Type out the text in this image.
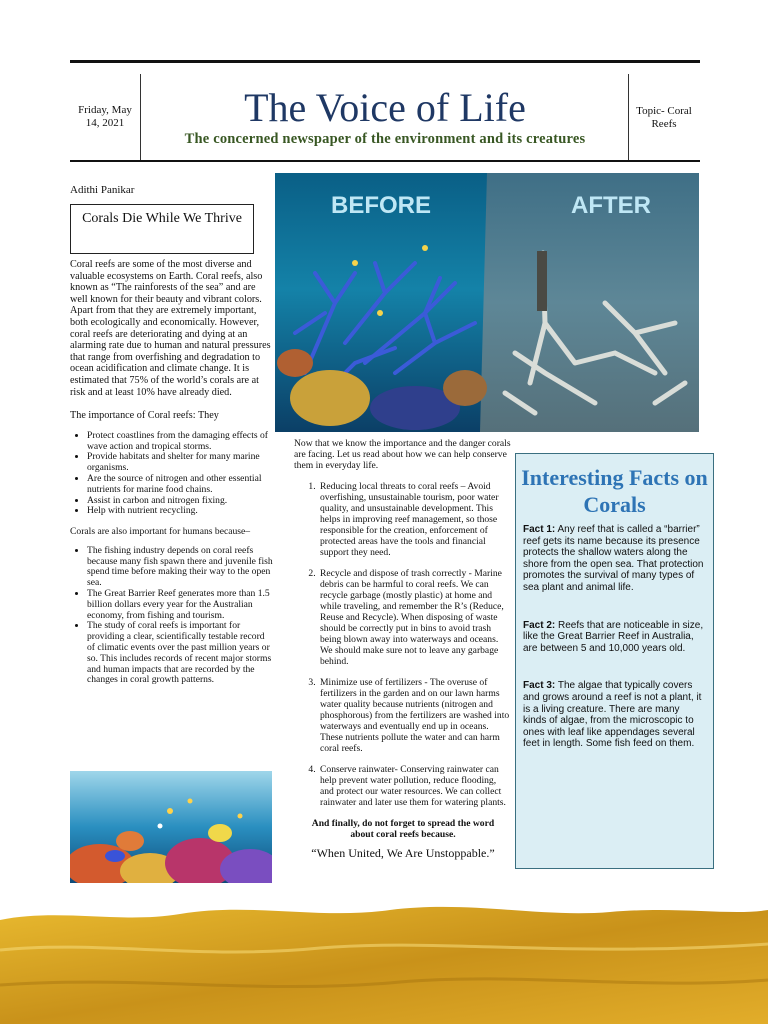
Friday, May 14, 2021	The Voice of Life
The concerned newspaper of the environment and its creatures
Topic- Coral Reefs
Adithi Panikar
Corals Die While We Thrive
Coral reefs are some of the most diverse and valuable ecosystems on Earth. Coral reefs, also known as “The rainforests of the sea” and are well known for their beauty and vibrant colors. Apart from that they are extremely important, both ecologically and economically. However, coral reefs are deteriorating and dying at an alarming rate due to human and natural pressures that range from overfishing and degradation to ocean acidification and climate change. It is estimated that 75% of the world’s corals are at risk and at least 10% have already died.
The importance of Coral reefs: They
• Protect coastlines from the damaging effects of wave action and tropical storms.
• Provide habitats and shelter for many marine organisms.
• Are the source of nitrogen and other essential nutrients for marine food chains.
• Assist in carbon and nitrogen fixing.
• Help with nutrient recycling.
Corals are also important for humans because–
• The fishing industry depends on coral reefs because many fish spawn there and juvenile fish spend time before making their way to the open sea.
• The Great Barrier Reef generates more than 1.5 billion dollars every year for the Australian economy, from fishing and tourism.
• The study of coral reefs is important for providing a clear, scientifically testable record of climatic events over the past million years or so. This includes records of recent major storms and human impacts that are recorded by the changes in coral growth patterns.
BEFORE	AFTER
Now that we know the importance and the danger corals are facing. Let us read about how we can help conserve them in everyday life.
1. Reducing local threats to coral reefs – Avoid overfishing, unsustainable tourism, poor water quality, and unsustainable development. This helps in improving reef management, so those responsible for the creation, enforcement of protected areas have the tools and financial support they need.
2. Recycle and dispose of trash correctly - Marine debris can be harmful to coral reefs. We can recycle garbage (mostly plastic) at home and while traveling, and remember the R’s (Reduce, Reuse and Recycle). When disposing of waste should be correctly put in bins to avoid trash being blown away into waterways and oceans. We should make sure not to leave any garbage behind.
3. Minimize use of fertilizers - The overuse of fertilizers in the garden and on our lawn harms water quality because nutrients (nitrogen and phosphorous) from the fertilizers are washed into waterways and eventually end up in oceans. These nutrients pollute the water and can harm coral reefs.
4. Conserve rainwater- Conserving rainwater can help prevent water pollution, reduce flooding, and protect our water resources. We can collect rainwater and later use them for watering plants.
And finally, do not forget to spread the word about coral reefs because.
“When United, We Are Unstoppable.”
Interesting Facts on Corals
Fact 1: Any reef that is called a “barrier” reef gets its name because its presence protects the shallow waters along the shore from the open sea. That protection promotes the survival of many types of sea plant and animal life.
Fact 2: Reefs that are noticeable in size, like the Great Barrier Reef in Australia, are between 5 and 10,000 years old.
Fact 3: The algae that typically covers and grows around a reef is not a plant, it is a living creature. There are many kinds of algae, from the microscopic to ones with leaf like appendages several feet in length. Some fish feed on them.
